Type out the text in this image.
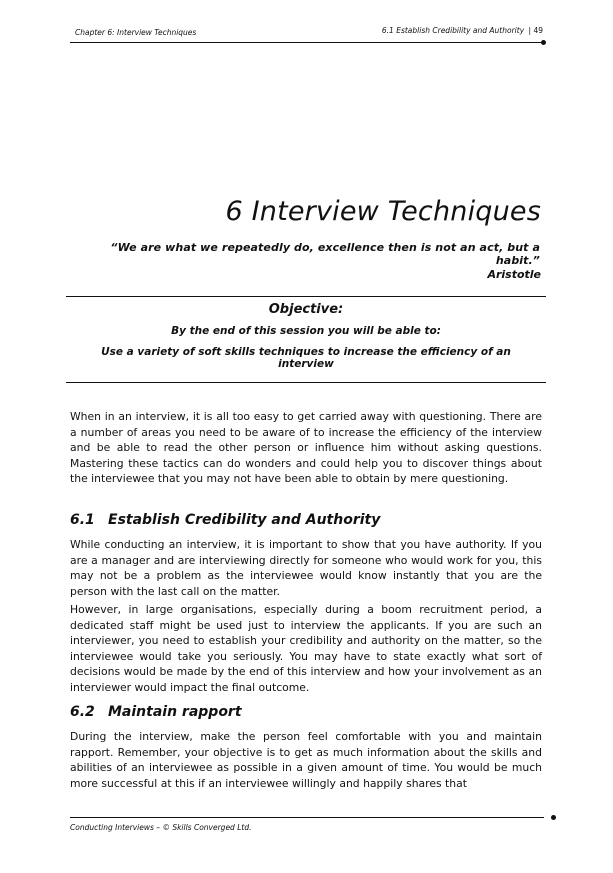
Chapter 6: Interview Techniques	6.1 Establish Credibility and Authority | 49
6 Interview Techniques
“We are what we repeatedly do, excellence then is not an act, but a habit.”
Aristotle
Objective:
By the end of this session you will be able to:
Use a variety of soft skills techniques to increase the efficiency of an interview

When in an interview, it is all too easy to get carried away with questioning. There are a number of areas you need to be aware of to increase the efficiency of the interview and be able to read the other person or influence him without asking questions. Mastering these tactics can do wonders and could help you to discover things about the interviewee that you may not have been able to obtain by mere questioning.

6.1 Establish Credibility and Authority

While conducting an interview, it is important to show that you have authority. If you are a manager and are interviewing directly for someone who would work for you, this may not be a problem as the interviewee would know instantly that you are the person with the last call on the matter.

However, in large organisations, especially during a boom recruitment period, a dedicated staff might be used just to interview the applicants. If you are such an interviewer, you need to establish your credibility and authority on the matter, so the interviewee would take you seriously. You may have to state exactly what sort of decisions would be made by the end of this interview and how your involvement as an interviewer would impact the final outcome.

6.2 Maintain rapport

During the interview, make the person feel comfortable with you and maintain rapport. Remember, your objective is to get as much information about the skills and abilities of an interviewee as possible in a given amount of time. You would be much more successful at this if an interviewee willingly and happily shares that

Conducting Interviews – © Skills Converged Ltd.
